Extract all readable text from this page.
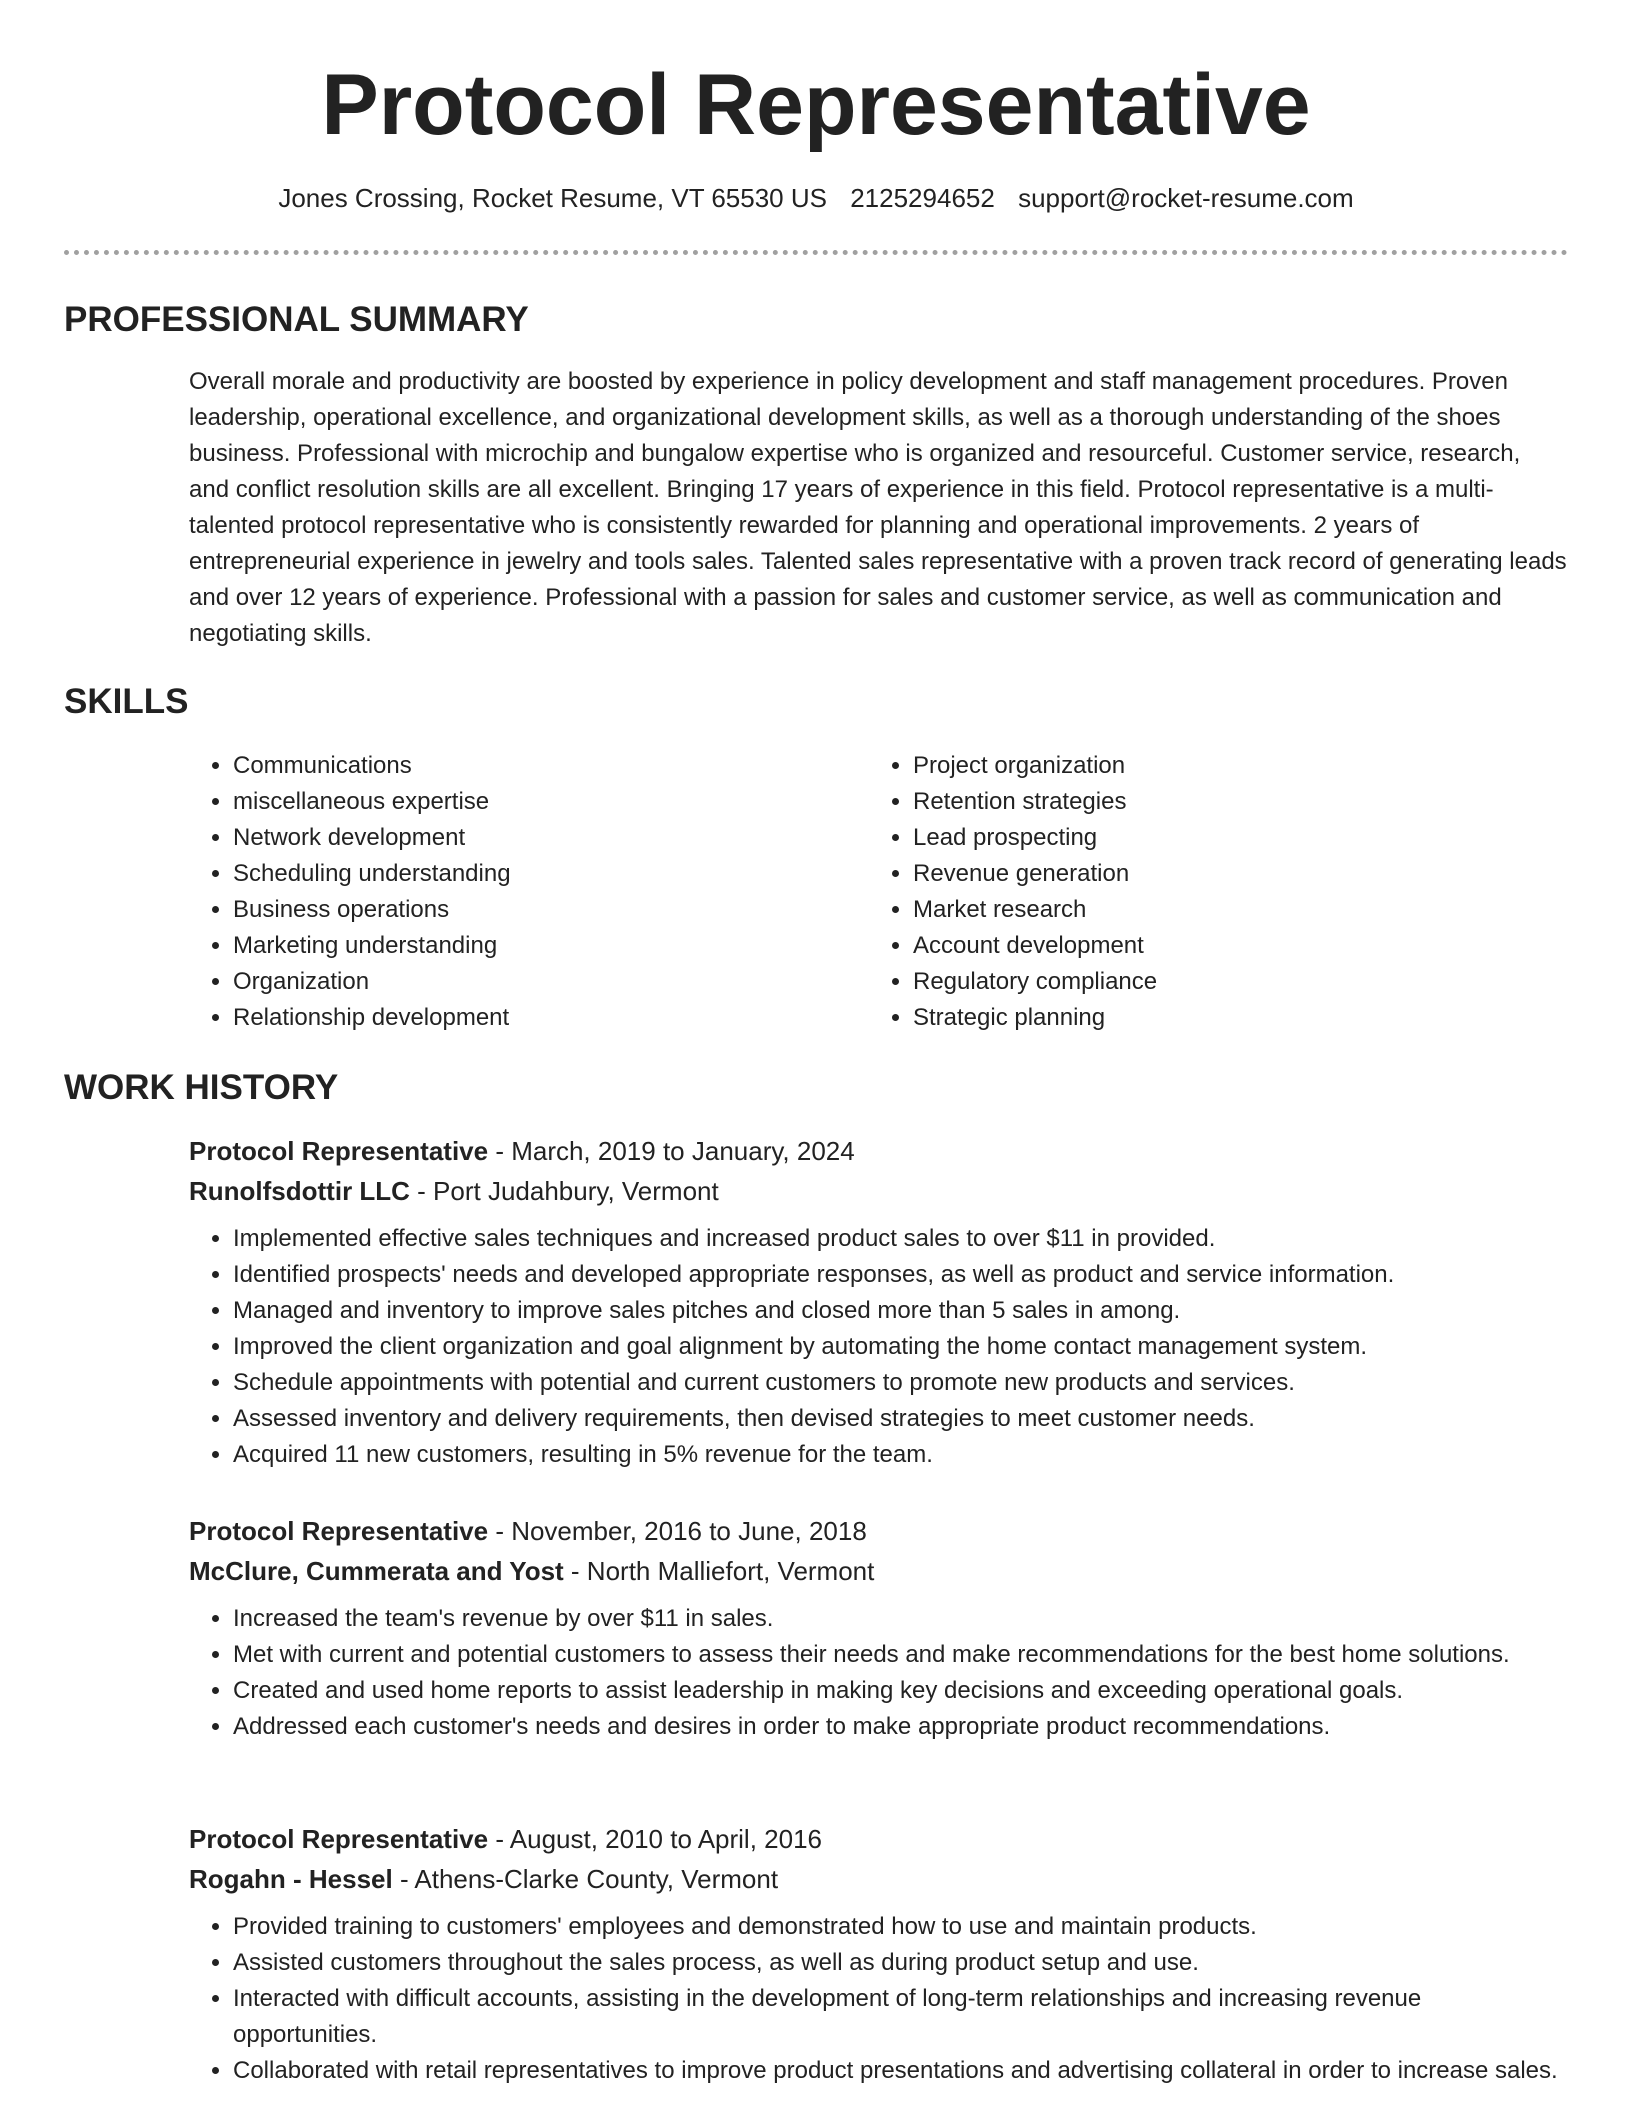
Protocol Representative
Jones Crossing, Rocket Resume, VT 65530 US 2125294652 support@rocket-resume.com
PROFESSIONAL SUMMARY

Overall morale and productivity are boosted by experience in policy development and staff management procedures. Proven leadership, operational excellence, and organizational development skills, as well as a thorough understanding of the shoes business. Professional with microchip and bungalow expertise who is organized and resourceful. Customer service, research, and conflict resolution skills are all excellent. Bringing 17 years of experience in this field. Protocol representative is a multi-talented protocol representative who is consistently rewarded for planning and operational improvements. 2 years of entrepreneurial experience in jewelry and tools sales. Talented sales representative with a proven track record of generating leads and over 12 years of experience. Professional with a passion for sales and customer service, as well as communication and negotiating skills.

SKILLS
• Communications
• miscellaneous expertise
• Network development
• Scheduling understanding
• Business operations
• Marketing understanding
• Organization
• Relationship development
• Project organization
• Retention strategies
• Lead prospecting
• Revenue generation
• Market research
• Account development
• Regulatory compliance
• Strategic planning
WORK HISTORY

Protocol Representative - March, 2019 to January, 2024

Runolfsdottir LLC - Port Judahbury, Vermont

• Implemented effective sales techniques and increased product sales to over $11 in provided.
• Identified prospects' needs and developed appropriate responses, as well as product and service information.
• Managed and inventory to improve sales pitches and closed more than 5 sales in among.
• Improved the client organization and goal alignment by automating the home contact management system.
• Schedule appointments with potential and current customers to promote new products and services.
• Assessed inventory and delivery requirements, then devised strategies to meet customer needs.
• Acquired 11 new customers, resulting in 5% revenue for the team.

Protocol Representative - November, 2016 to June, 2018

McClure, Cummerata and Yost - North Malliefort, Vermont

• Increased the team's revenue by over $11 in sales.
• Met with current and potential customers to assess their needs and make recommendations for the best home solutions.
• Created and used home reports to assist leadership in making key decisions and exceeding operational goals.
• Addressed each customer's needs and desires in order to make appropriate product recommendations.

Protocol Representative - August, 2010 to April, 2016

Rogahn - Hessel - Athens-Clarke County, Vermont

• Provided training to customers' employees and demonstrated how to use and maintain products.
• Assisted customers throughout the sales process, as well as during product setup and use.
• Interacted with difficult accounts, assisting in the development of long-term relationships and increasing revenue opportunities.
• Collaborated with retail representatives to improve product presentations and advertising collateral in order to increase sales.
